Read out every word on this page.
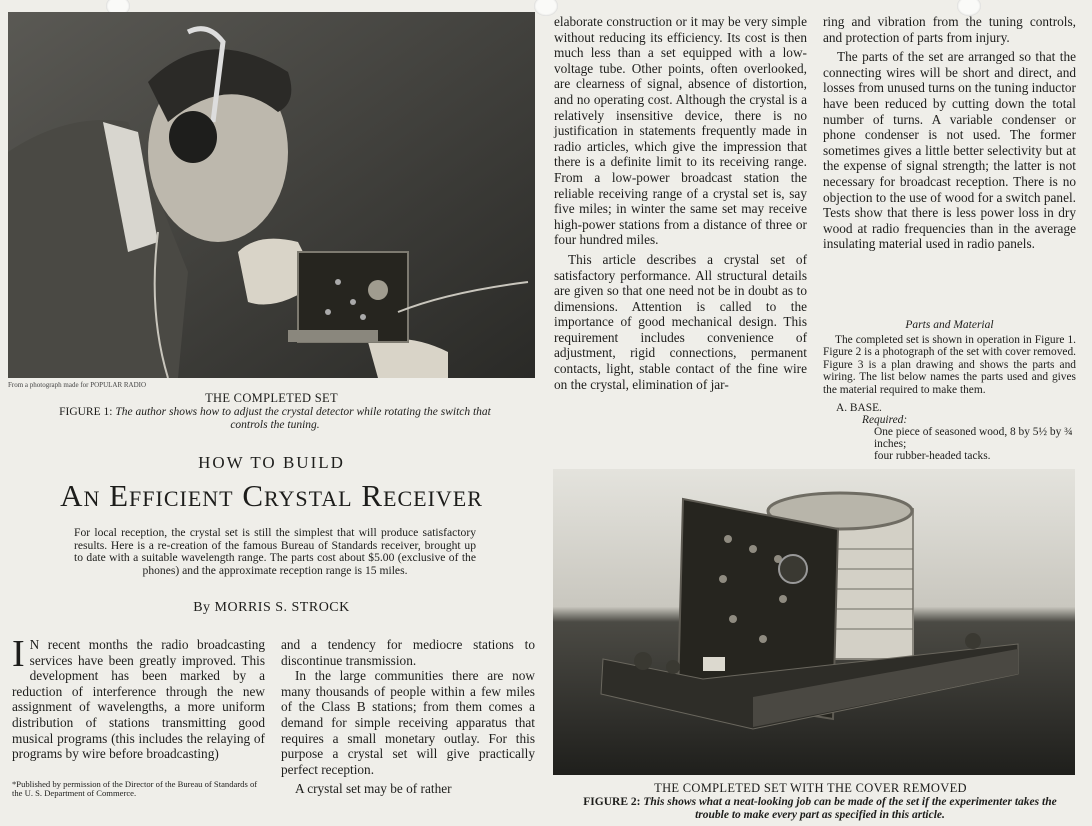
From a photograph made for POPULAR RADIO
THE COMPLETED SET
FIGURE 1: The author shows how to adjust the crystal detector while rotating the switch that controls the tuning.
HOW TO BUILD
An Efficient Crystal Receiver
For local reception, the crystal set is still the simplest that will produce satisfactory results. Here is a re-creation of the famous Bureau of Standards receiver, brought up to date with a suitable wavelength range. The parts cost about $5.00 (exclusive of the phones) and the approximate reception range is 15 miles.
By MORRIS S. STROCK

I N recent months the radio broadcasting services have been greatly improved. This development has been marked by a reduction of interference through the new assignment of wavelengths, a more uniform distribution of stations transmitting good musical programs (this includes the relaying of programs by wire before broadcasting)

*Published by permission of the Director of the Bureau of Standards of the U. S. Department of Commerce.

and a tendency for mediocre stations to discontinue transmission.

In the large communities there are now many thousands of people within a few miles of the Class B stations; from them comes a demand for simple receiving apparatus that requires a small monetary outlay. For this purpose a crystal set will give practically perfect reception.

A crystal set may be of rather

elaborate construction or it may be very simple without reducing its efficiency. Its cost is then much less than a set equipped with a low-voltage tube. Other points, often overlooked, are clearness of signal, absence of distortion, and no operating cost. Although the crystal is a relatively insensitive device, there is no justification in statements frequently made in radio articles, which give the impression that there is a definite limit to its receiving range. From a low-power broadcast station the reliable receiving range of a crystal set is, say five miles; in winter the same set may receive high-power stations from a distance of three or four hundred miles.

This article describes a crystal set of satisfactory performance. All structural details are given so that one need not be in doubt as to dimensions. Attention is called to the importance of good mechanical design. This requirement includes convenience of adjustment, rigid connections, permanent contacts, light, stable contact of the fine wire on the crystal, elimination of jar-

ring and vibration from the tuning controls, and protection of parts from injury.

The parts of the set are arranged so that the connecting wires will be short and direct, and losses from unused turns on the tuning inductor have been reduced by cutting down the total number of turns. A variable condenser or phone condenser is not used. The former sometimes gives a little better selectivity but at the expense of signal strength; the latter is not necessary for broadcast reception. There is no objection to the use of wood for a switch panel. Tests show that there is less power loss in dry wood at radio frequencies than in the average insulating material used in radio panels.

Parts and Material
The completed set is shown in operation in Figure 1. Figure 2 is a photograph of the set with cover removed. Figure 3 is a plan drawing and shows the parts and wiring. The list below names the parts used and gives the material required to make them.
A. BASE.
Required:
One piece of seasoned wood, 8 by 5½ by ¾ inches;
four rubber-headed tacks.
THE COMPLETED SET WITH THE COVER REMOVED
FIGURE 2: This shows what a neat-looking job can be made of the set if the experimenter takes the trouble to make every part as specified in this article.
